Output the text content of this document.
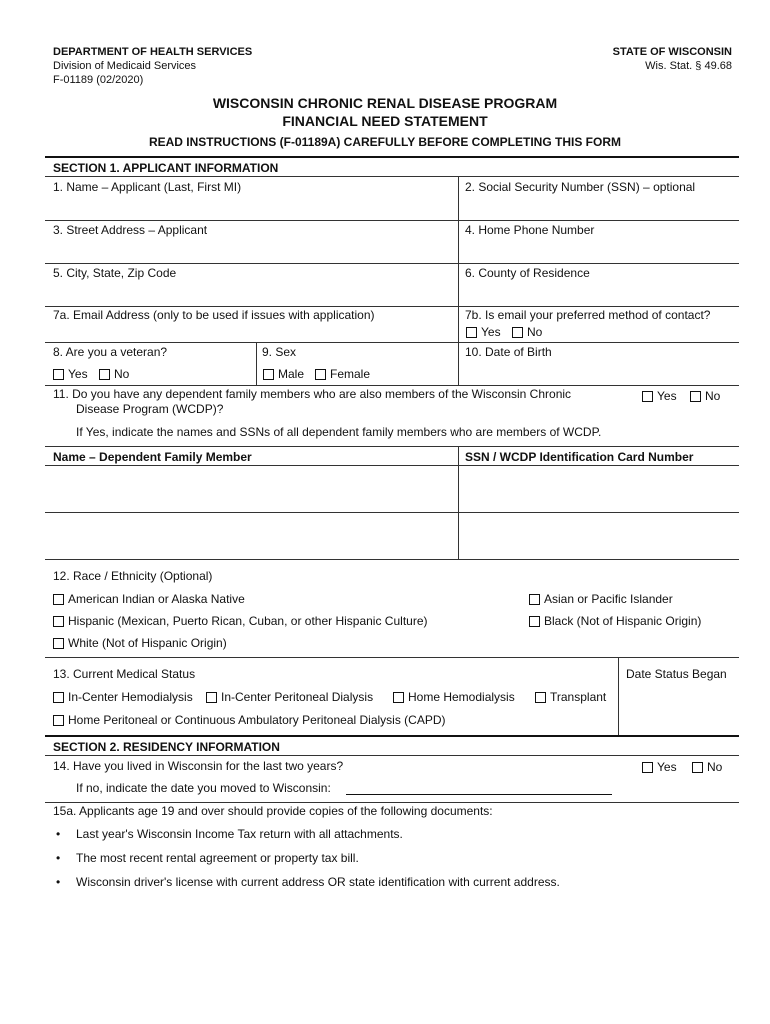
DEPARTMENT OF HEALTH SERVICES
Division of Medicaid Services
F-01189 (02/2020)
STATE OF WISCONSIN
Wis. Stat. § 49.68
WISCONSIN CHRONIC RENAL DISEASE PROGRAM
FINANCIAL NEED STATEMENT
READ INSTRUCTIONS (F-01189A) CAREFULLY BEFORE COMPLETING THIS FORM
SECTION 1. APPLICANT INFORMATION
1. Name – Applicant (Last, First MI)	2. Social Security Number (SSN) – optional
3. Street Address – Applicant	4. Home Phone Number
5. City, State, Zip Code	6. County of Residence
7a. Email Address (only to be used if issues with application)	7b. Is email your preferred method of contact?
Yes	No
8. Are you a veteran?	9. Sex	10. Date of Birth
Yes	No	Male	Female
11. Do you have any dependent family members who are also members of the Wisconsin Chronic
Disease Program (WCDP)?
Yes	No
If Yes, indicate the names and SSNs of all dependent family members who are members of WCDP.
Name – Dependent Family Member	SSN / WCDP Identification Card Number
12. Race / Ethnicity (Optional)
American Indian or Alaska Native	Asian or Pacific Islander
Hispanic (Mexican, Puerto Rican, Cuban, or other Hispanic Culture)	Black (Not of Hispanic Origin)
White (Not of Hispanic Origin)
13. Current Medical Status	Date Status Began
In-Center Hemodialysis	In-Center Peritoneal Dialysis	Home Hemodialysis	Transplant
Home Peritoneal or Continuous Ambulatory Peritoneal Dialysis (CAPD)
SECTION 2. RESIDENCY INFORMATION
14. Have you lived in Wisconsin for the last two years?	Yes	No
If no, indicate the date you moved to Wisconsin:
15a. Applicants age 19 and over should provide copies of the following documents:
• Last year's Wisconsin Income Tax return with all attachments.
• The most recent rental agreement or property tax bill.
• Wisconsin driver's license with current address OR state identification with current address.
